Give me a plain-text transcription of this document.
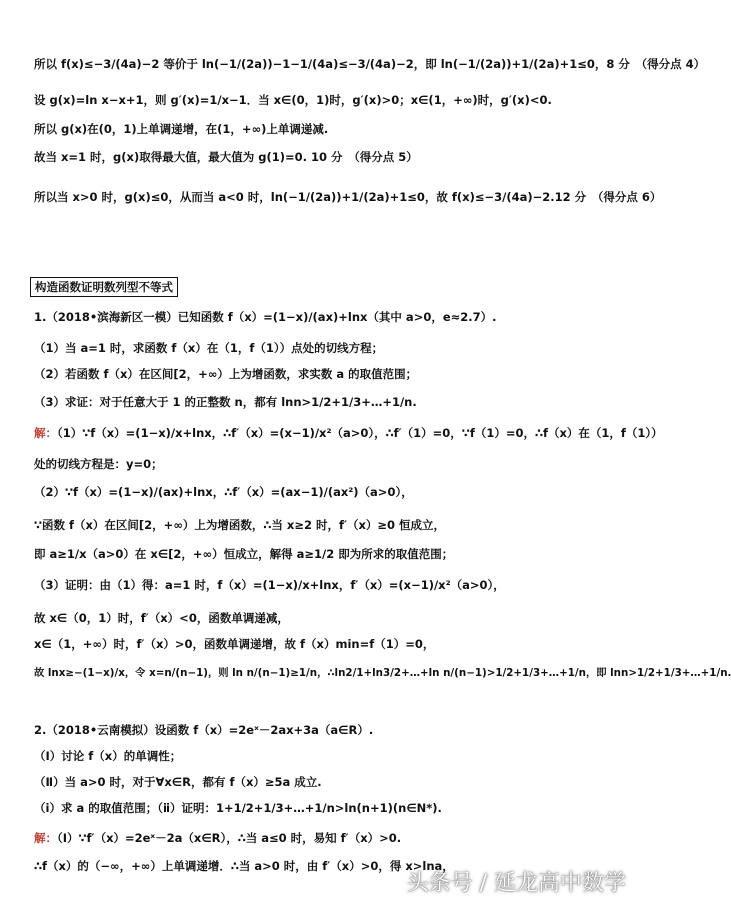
所以 f(x)≤−3/(4a)−2 等价于 ln(−1/(2a))−1−1/(4a)≤−3/(4a)−2，即 ln(−1/(2a))+1/(2a)+1≤0，8 分　（得分点 4）
设 g(x)=ln x−x+1，则 g′(x)=1/x−1．当 x∈(0，1)时，g′(x)>0；x∈(1，+∞)时，g′(x)<0.
所以 g(x)在(0，1)上单调递增，在(1，+∞)上单调递减.
故当 x=1 时，g(x)取得最大值，最大值为 g(1)=0. 10 分　（得分点 5）
所以当 x>0 时，g(x)≤0，从而当 a<0 时，ln(−1/(2a))+1/(2a)+1≤0，故 f(x)≤−3/(4a)−2.12 分　（得分点 6）
构造函数证明数列型不等式
1.（2018•滨海新区一模）已知函数 f（x）=(1−x)/(ax)+lnx（其中 a>0，e≈2.7）.
（1）当 a=1 时，求函数 f（x）在（1，f（1））点处的切线方程；
（2）若函数 f（x）在区间[2，+∞）上为增函数，求实数 a 的取值范围；
（3）求证：对于任意大于 1 的正整数 n，都有 lnn>1/2+1/3+…+1/n.
解：（1）∵f（x）=(1−x)/x+lnx，∴f′（x）=(x−1)/x²（a>0），∴f′（1）=0，∵f（1）=0，∴f（x）在（1，f（1））
处的切线方程是：y=0；
（2）∵f（x）=(1−x)/(ax)+lnx，∴f′（x）=(ax−1)/(ax²)（a>0），
∵函数 f（x）在区间[2，+∞）上为增函数，∴当 x≥2 时，f′（x）≥0 恒成立，
即 a≥1/x（a>0）在 x∈[2，+∞）恒成立，解得 a≥1/2 即为所求的取值范围；
（3）证明：由（1）得：a=1 时，f（x）=(1−x)/x+lnx，f′（x）=(x−1)/x²（a>0），
故 x∈（0，1）时，f′（x）<0，函数单调递减，
x∈（1，+∞）时，f′（x）>0，函数单调递增，故 f（x）min=f（1）=0，
故 lnx≥−(1−x)/x，令 x=n/(n−1)，则 ln n/(n−1)≥1/n，∴ln2/1+ln3/2+…+ln n/(n−1)>1/2+1/3+…+1/n，即 lnn>1/2+1/3+…+1/n.
2.（2018•云南模拟）设函数 f（x）=2eˣ－2ax+3a（a∈R）.
（Ⅰ）讨论 f（x）的单调性；
（Ⅱ）当 a>0 时，对于∀x∈R，都有 f（x）≥5a 成立.
（ⅰ）求 a 的取值范围；（ⅱ）证明：1+1/2+1/3+…+1/n>ln(n+1)(n∈N*).
解：（Ⅰ）∵f′（x）=2eˣ－2a（x∈R），∴当 a≤0 时，易知 f′（x）>0.
∴f（x）的（−∞，+∞）上单调递增．∴当 a>0 时，由 f′（x）>0，得 x>lna，
头条号 / 延龙高中数学
